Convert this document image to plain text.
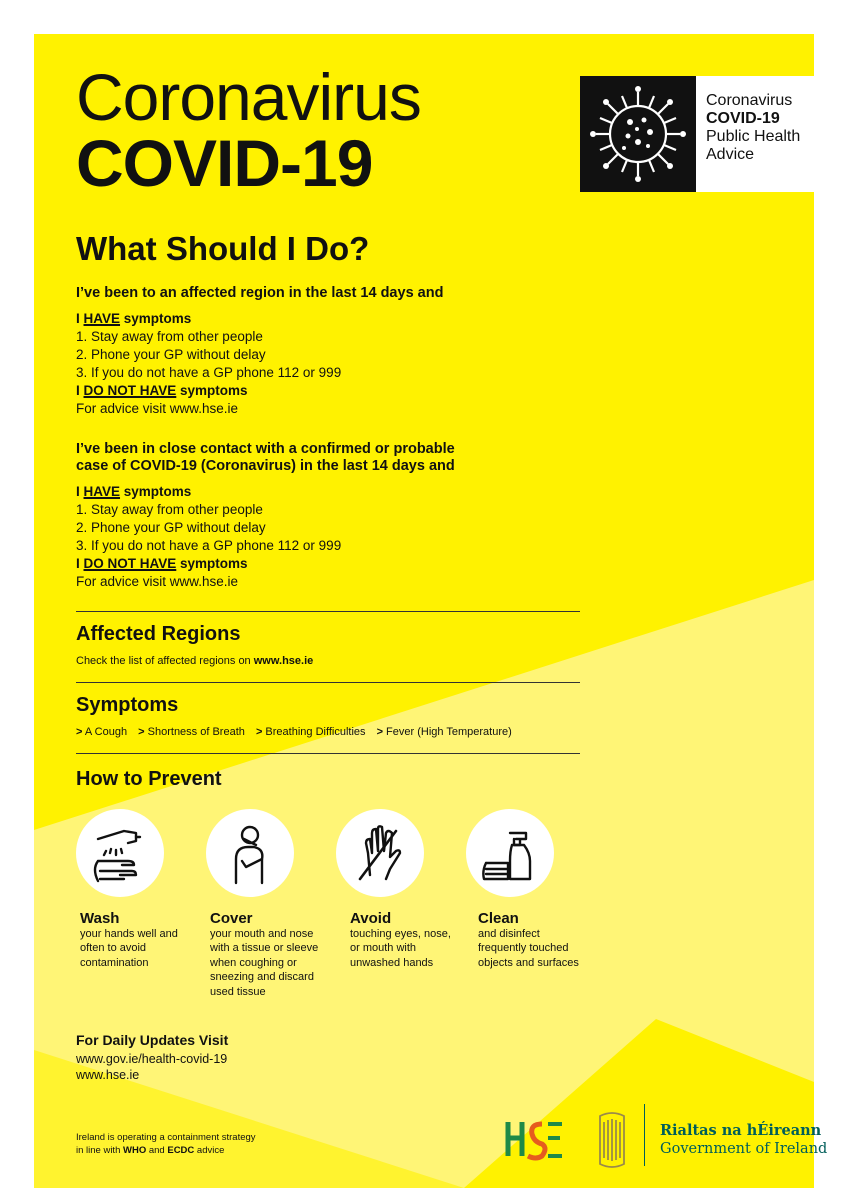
Coronavirus
COVID-19
Coronavirus
COVID-19
Public Health
Advice
What Should I Do?
I’ve been to an affected region in the last 14 days and
I HAVE symptoms
1. Stay away from other people
2. Phone your GP without delay
3. If you do not have a GP phone 112 or 999
I DO NOT HAVE symptoms
For advice visit www.hse.ie
I’ve been in close contact with a confirmed or probable
case of COVID-19 (Coronavirus) in the last 14 days and
I HAVE symptoms
1. Stay away from other people
2. Phone your GP without delay
3. If you do not have a GP phone 112 or 999
I DO NOT HAVE symptoms
For advice visit www.hse.ie
Affected Regions
Check the list of affected regions on www.hse.ie
Symptoms
> A Cough > Shortness of Breath > Breathing Difficulties > Fever (High Temperature)
How to Prevent
Wash
your hands well and
often to avoid
contamination
Cover
your mouth and nose
with a tissue or sleeve
when coughing or
sneezing and discard
used tissue
Avoid
touching eyes, nose,
or mouth with
unwashed hands
Clean
and disinfect
frequently touched
objects and surfaces
For Daily Updates Visit
www.gov.ie/health-covid-19
www.hse.ie
Ireland is operating a containment strategy
in line with WHO and ECDC advice
Rialtas na hÉireann
Government of Ireland
